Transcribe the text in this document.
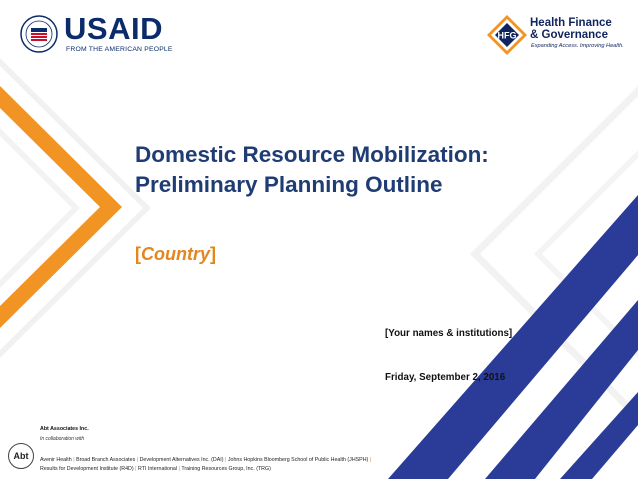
USAID
FROM THE AMERICAN PEOPLE
HFG
Health Finance
& Governance
Expanding Access. Improving Health.
Domestic Resource Mobilization:
Preliminary Planning Outline
[Country]
[Your names & institutions]
Friday, September 2, 2016
Abt
Abt Associates Inc.
In collaboration with
Avenir Health | Broad Branch Associates | Development Alternatives Inc. (DAI) | Johns Hopkins Bloomberg School of Public Health (JHSPH) |
Results for Development Institute (R4D) | RTI International | Training Resources Group, Inc. (TRG)
